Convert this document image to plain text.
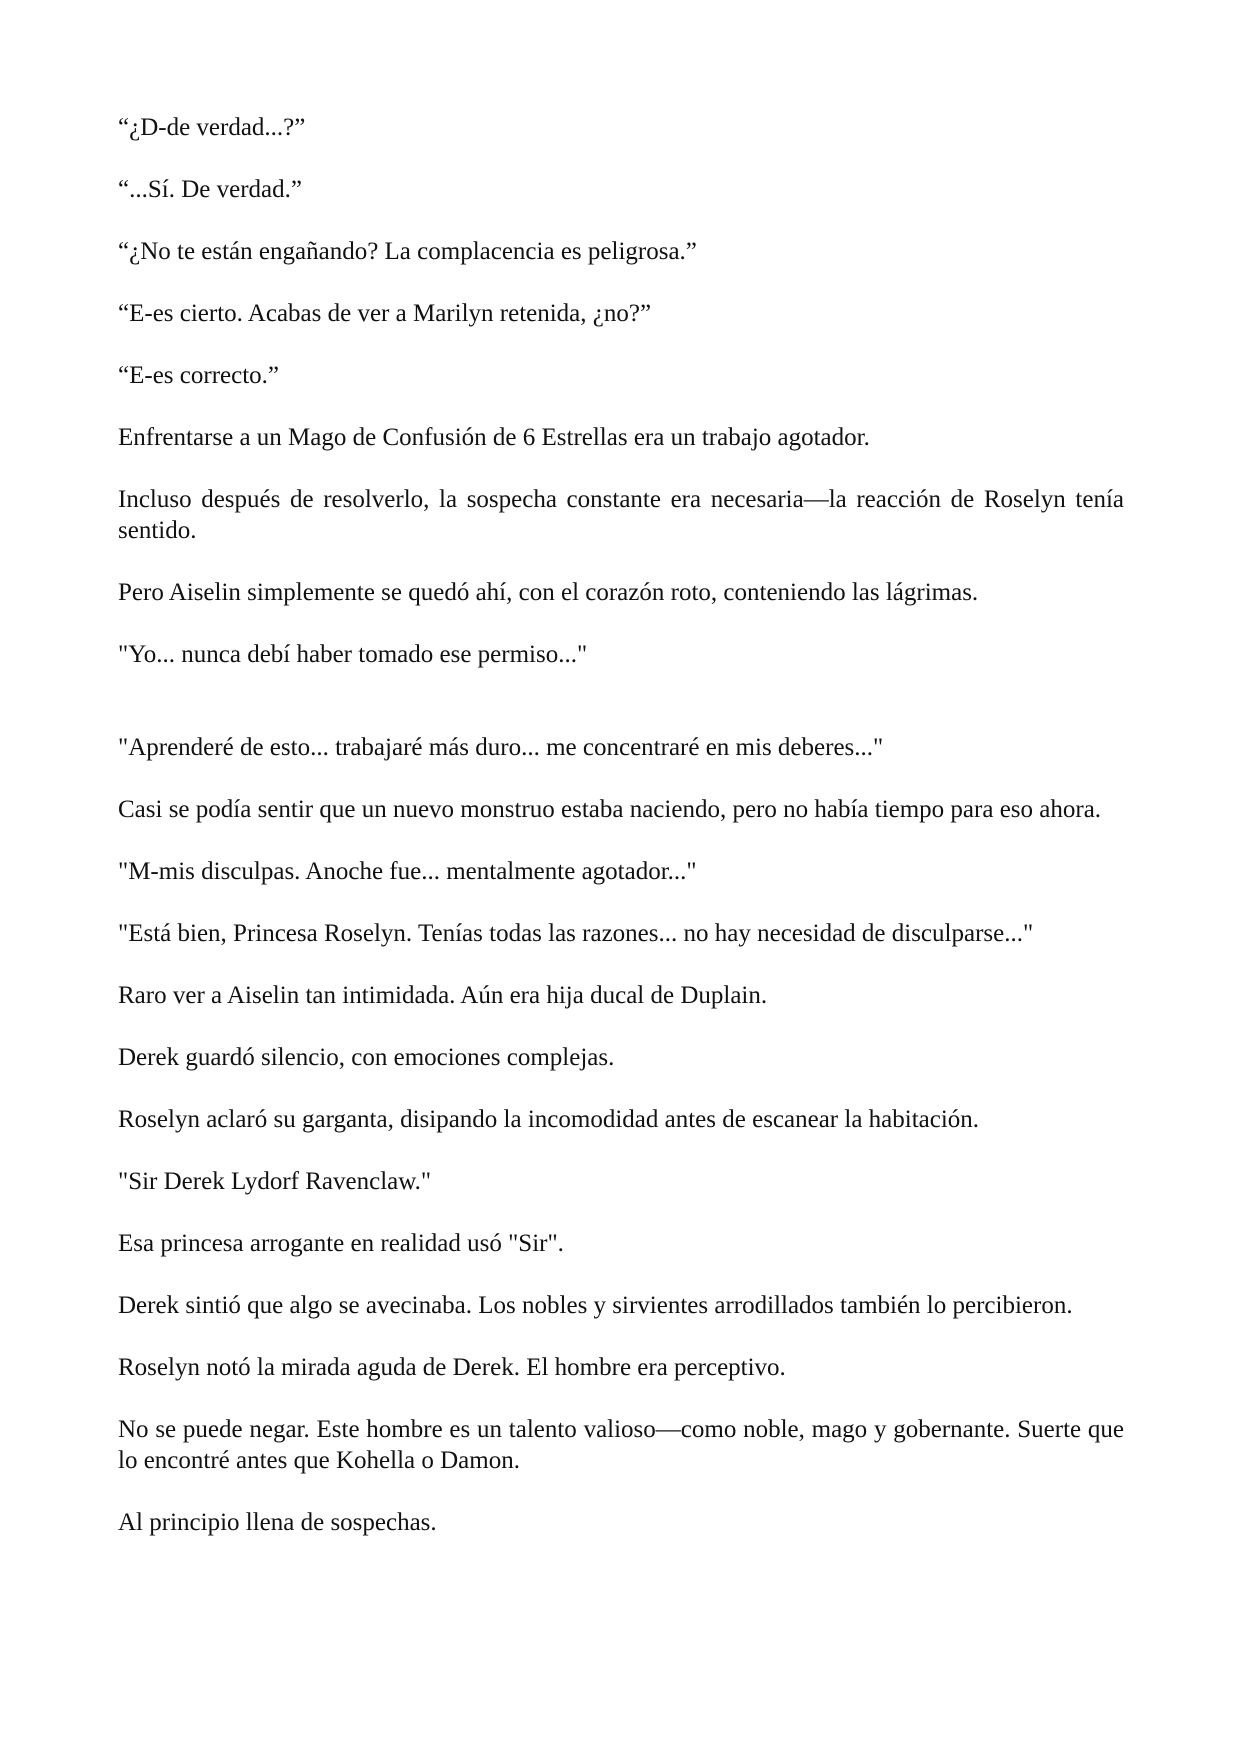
“¿D-de verdad...?”

“...Sí. De verdad.”

“¿No te están engañando? La complacencia es peligrosa.”

“E-es cierto. Acabas de ver a Marilyn retenida, ¿no?”

“E-es correcto.”

Enfrentarse a un Mago de Confusión de 6 Estrellas era un trabajo agotador.

Incluso después de resolverlo, la sospecha constante era necesaria—la reacción de Roselyn tenía sentido.

Pero Aiselin simplemente se quedó ahí, con el corazón roto, conteniendo las lágrimas.

"Yo... nunca debí haber tomado ese permiso..."

"Aprenderé de esto... trabajaré más duro... me concentraré en mis deberes..."

Casi se podía sentir que un nuevo monstruo estaba naciendo, pero no había tiempo para eso ahora.

"M-mis disculpas. Anoche fue... mentalmente agotador..."

"Está bien, Princesa Roselyn. Tenías todas las razones... no hay necesidad de disculparse..."

Raro ver a Aiselin tan intimidada. Aún era hija ducal de Duplain.

Derek guardó silencio, con emociones complejas.

Roselyn aclaró su garganta, disipando la incomodidad antes de escanear la habitación.

"Sir Derek Lydorf Ravenclaw."

Esa princesa arrogante en realidad usó "Sir".

Derek sintió que algo se avecinaba. Los nobles y sirvientes arrodillados también lo percibieron.

Roselyn notó la mirada aguda de Derek. El hombre era perceptivo.

No se puede negar. Este hombre es un talento valioso—como noble, mago y gobernante. Suerte que lo encontré antes que Kohella o Damon.

Al principio llena de sospechas.
